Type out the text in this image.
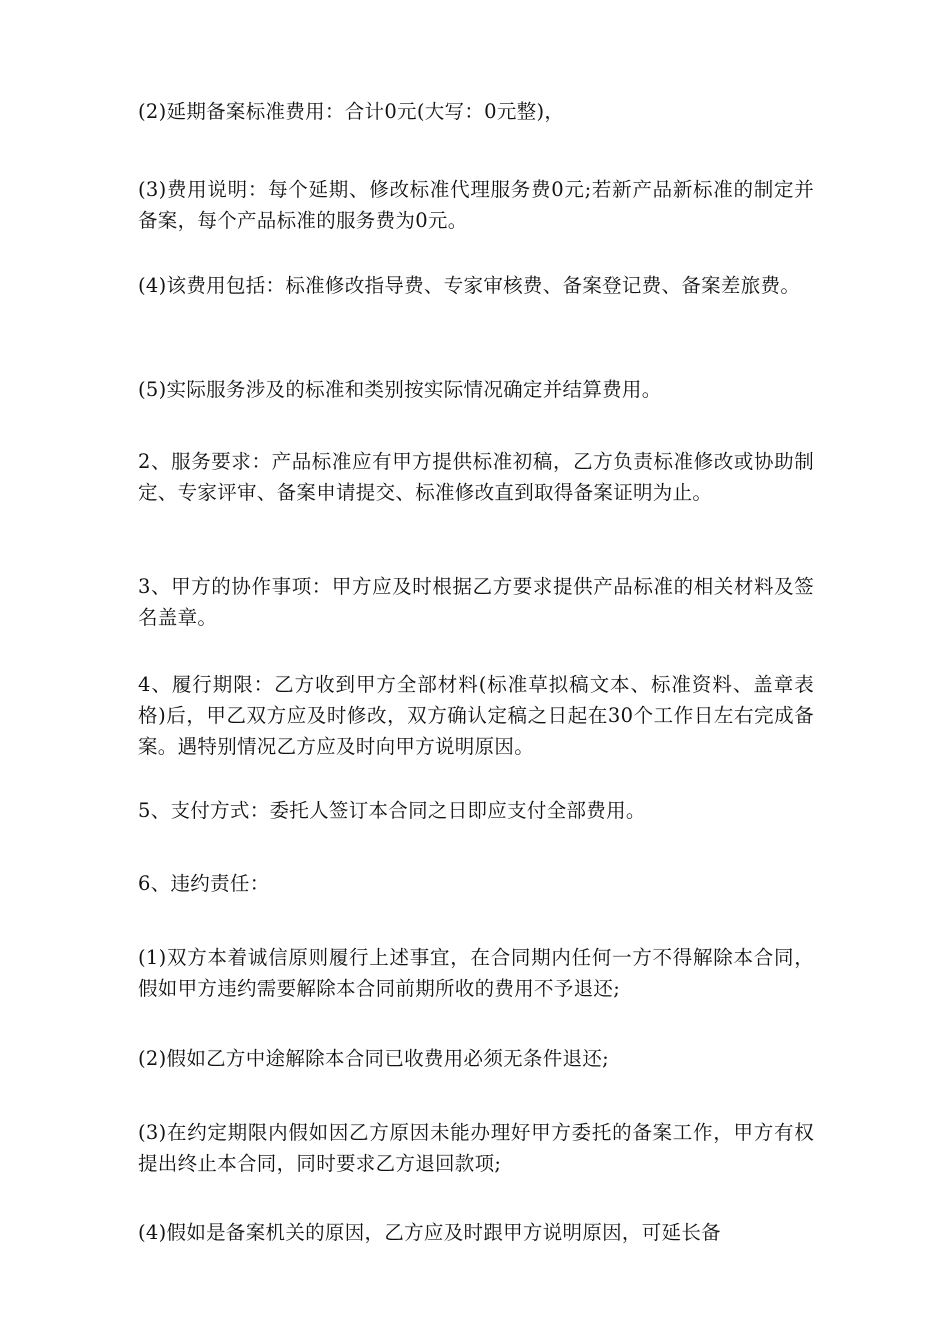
(2)延期备案标准费用：合计0元(大写：0元整)，

(3)费用说明：每个延期、修改标准代理服务费0元;若新产品新标准的制定并备案，每个产品标准的服务费为0元。

(4)该费用包括：标准修改指导费、专家审核费、备案登记费、备案差旅费。

(5)实际服务涉及的标准和类别按实际情况确定并结算费用。

2、服务要求：产品标准应有甲方提供标准初稿，乙方负责标准修改或协助制定、专家评审、备案申请提交、标准修改直到取得备案证明为止。

3、甲方的协作事项：甲方应及时根据乙方要求提供产品标准的相关材料及签名盖章。

4、履行期限：乙方收到甲方全部材料(标准草拟稿文本、标准资料、盖章表格)后，甲乙双方应及时修改，双方确认定稿之日起在30个工作日左右完成备案。遇特别情况乙方应及时向甲方说明原因。

5、支付方式：委托人签订本合同之日即应支付全部费用。

6、违约责任：

(1)双方本着诚信原则履行上述事宜，在合同期内任何一方不得解除本合同，假如甲方违约需要解除本合同前期所收的费用不予退还;

(2)假如乙方中途解除本合同已收费用必须无条件退还;

(3)在约定期限内假如因乙方原因未能办理好甲方委托的备案工作，甲方有权提出终止本合同，同时要求乙方退回款项;

(4)假如是备案机关的原因，乙方应及时跟甲方说明原因，可延长备
